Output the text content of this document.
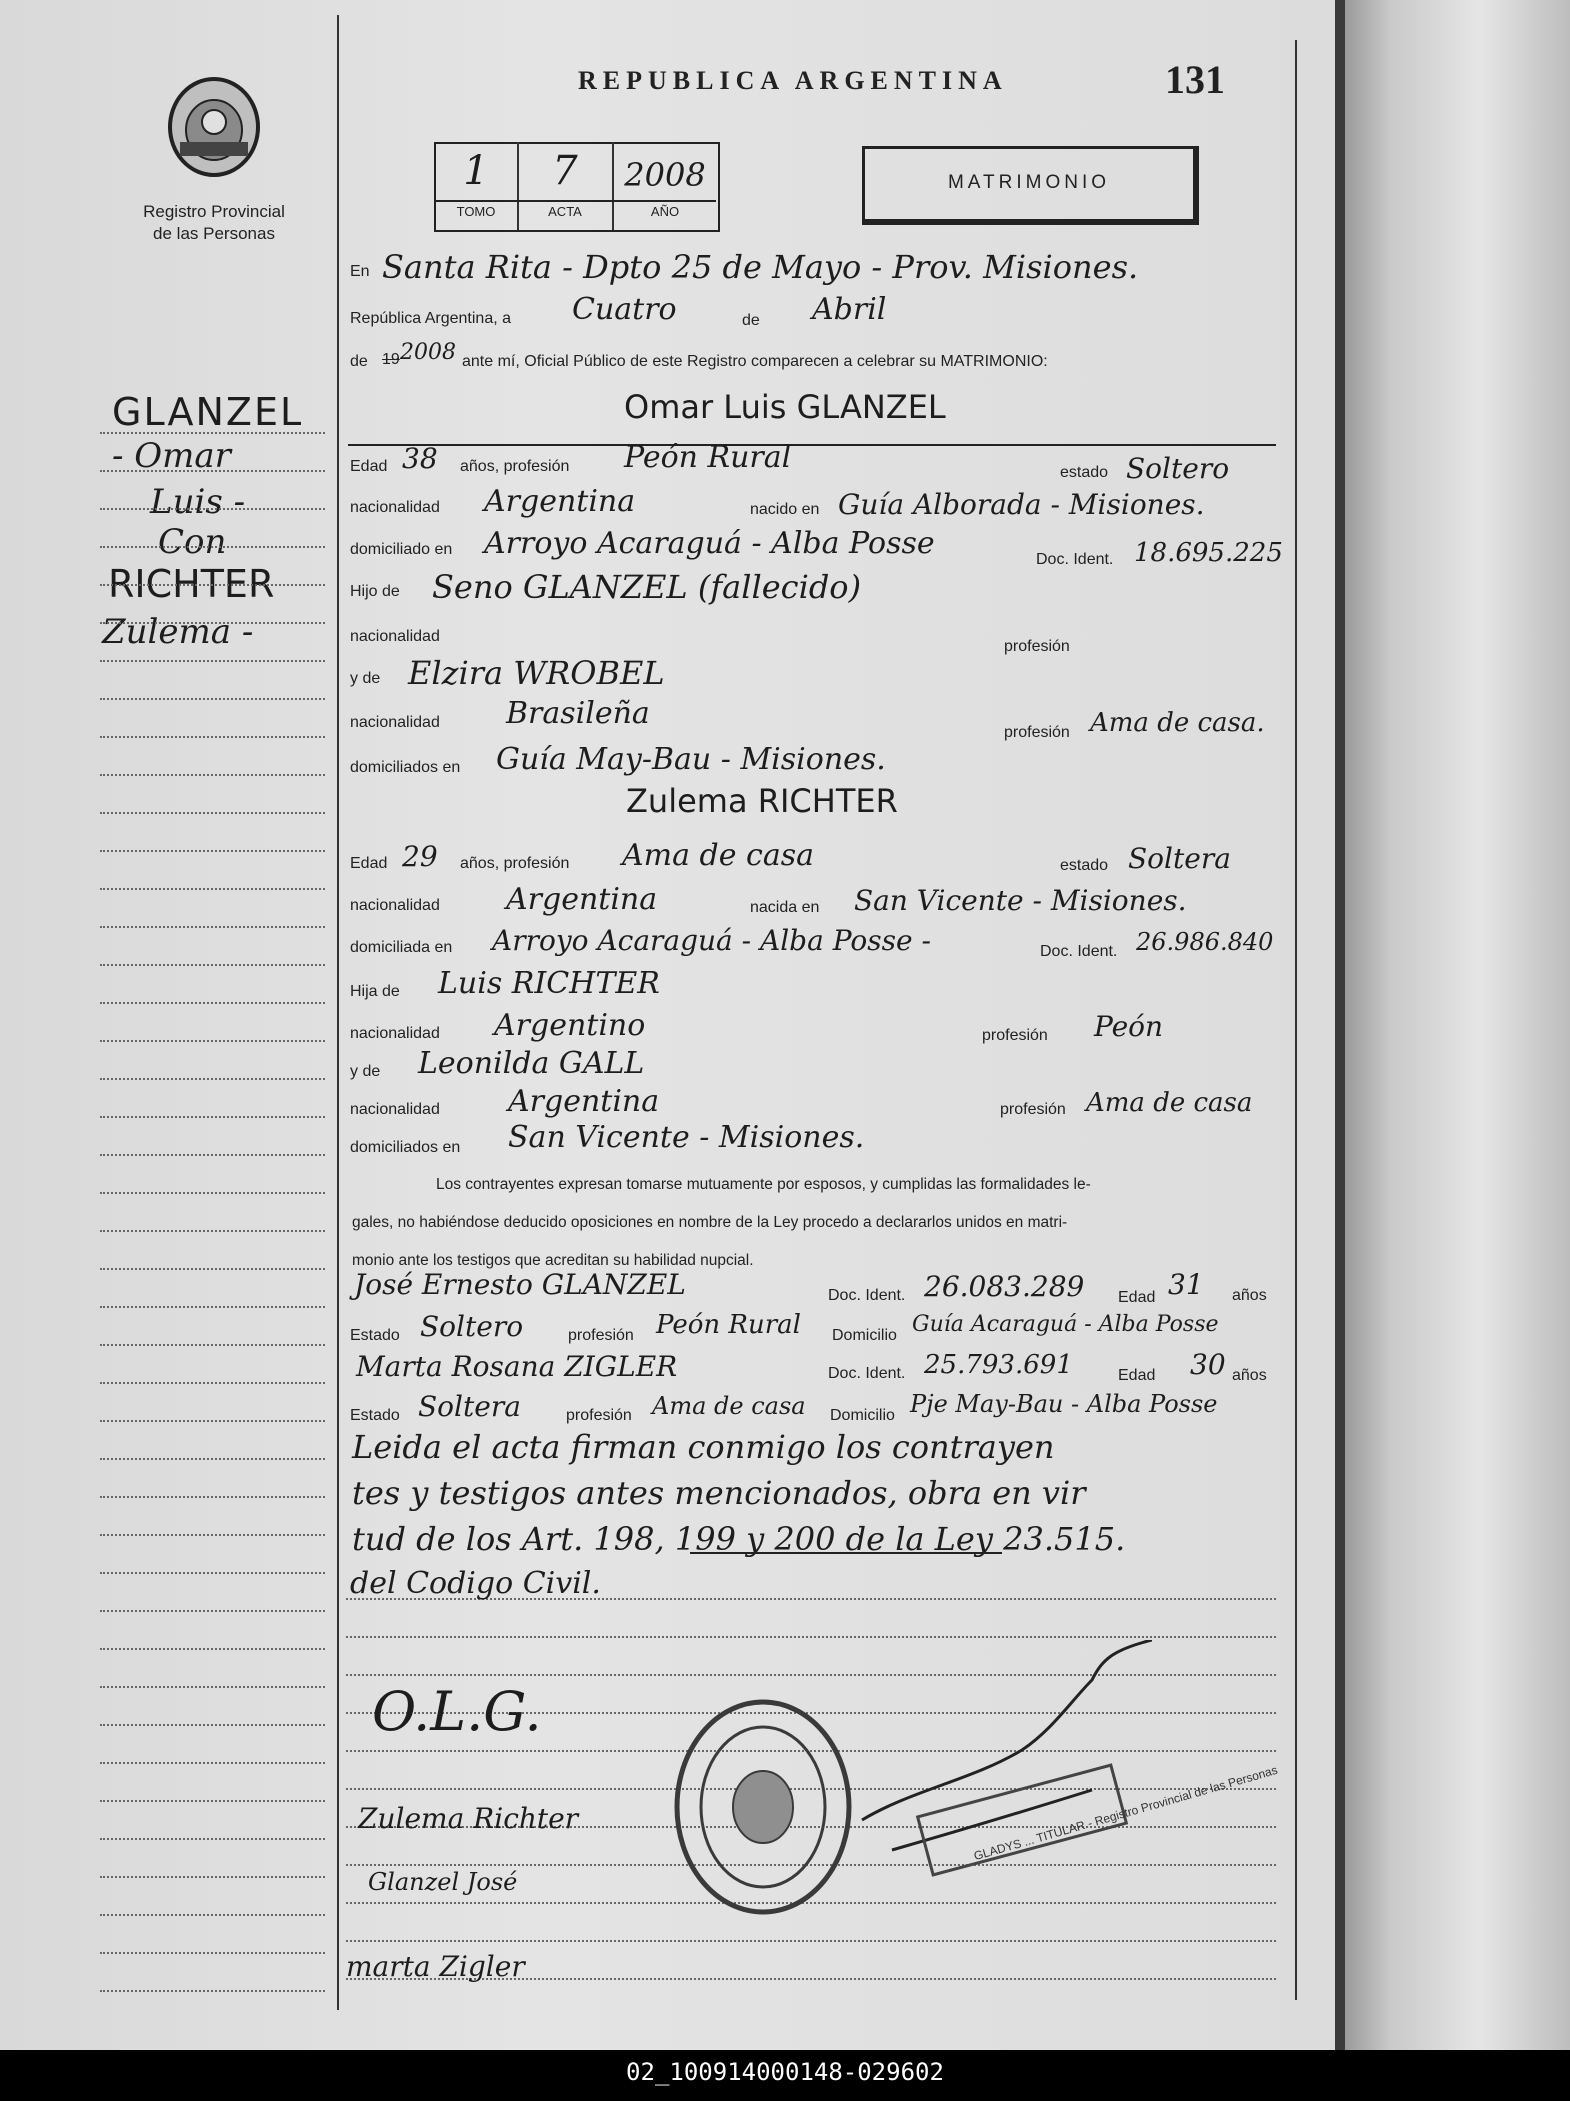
Registro Provincial
de las Personas
REPUBLICA ARGENTINA	131
1	7	2008
TOMO	ACTA	AÑO
MATRIMONIO
GLANZEL
- Omar
Luis -
Con
RICHTER
Zulema -
En Santa Rita - Dpto 25 de Mayo - Prov. Misiones.
República Argentina, a Cuatro	de Abril
de 19 2008 ante mí, Oficial Público de este Registro comparecen a celebrar su MATRIMONIO:
Omar Luis GLANZEL
Edad 38 años, profesión Peón Rural	estado Soltero
nacionalidad Argentina	nacido en Guía Alborada - Misiones.
domiciliado en Arroyo Acaraguá - Alba Posse	Doc. Ident. 18.695.225
Hijo de Seno GLANZEL (fallecido)
nacionalidad
profesión
y de Elzira WROBEL
nacionalidad Brasileña
profesión Ama de casa.
domiciliados en Guía May-Bau - Misiones.
Zulema RICHTER
Edad 29 años, profesión Ama de casa	estado Soltera
nacionalidad Argentina	nacida en San Vicente - Misiones.
domiciliada en Arroyo Acaraguá - Alba Posse -	Doc. Ident. 26.986.840
Hija de Luis RICHTER
nacionalidad Argentino	profesión Peón
y de Leonilda GALL
nacionalidad Argentina	profesión Ama de casa
domiciliados en San Vicente - Misiones.
Los contrayentes expresan tomarse mutuamente por esposos, y cumplidas las formalidades le-
gales, no habiéndose deducido oposiciones en nombre de la Ley procedo a declararlos unidos en matri-
monio ante los testigos que acreditan su habilidad nupcial.
José Ernesto GLANZEL	Doc. Ident. 26.083.289 Edad 31 años
Estado Soltero	profesión Peón Rural Domicilio Guía Acaraguá - Alba Posse
Marta Rosana ZIGLER	Doc. Ident. 25.793.691	Edad 30 años
Estado Soltera	profesión Ama de casa Domicilio Pje May-Bau - Alba Posse
Leida el acta firman conmigo los contrayen
tes y testigos antes mencionados, obra en vir
tud de los Art. 198, 199 y 200 de la Ley 23.515.
del Codigo Civil.
O.L.G.
Zulema Richter
Glanzel José
marta Zigler
GLADYS ... TITULAR - Registro Provincial de las Personas
02_100914000148-029602
